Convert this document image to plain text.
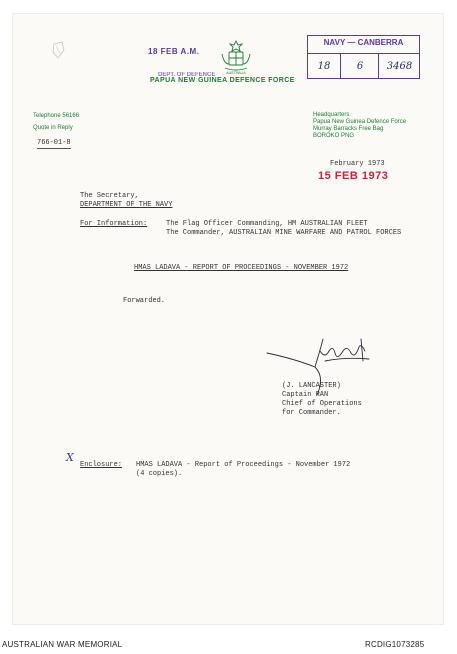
18 FEB A.M.
DEPT. OF DEFENCE	AUSTRALIA
PAPUA NEW GUINEA DEFENCE FORCE
NAVY — CANBERRA
18	6	3468
Telephone 56166
Quote in Reply
766-01-8
Headquarters
Papua New Guinea Defence Force
Murray Barracks Free Bag
BOROKO PNG
February 1973
15 FEB 1973
The Secretary,
DEPARTMENT OF THE NAVY
For Information:	The Flag Officer Commanding, HM AUSTRALIAN FLEET
The Commander, AUSTRALIAN MINE WARFARE AND PATROL FORCES
HMAS LADAVA - REPORT OF PROCEEDINGS - NOVEMBER 1972
Forwarded.
(J. LANCASTER)
Captain RAN
Chief of Operations
for Commander.
X
Enclosure: HMAS LADAVA - Report of Proceedings - November 1972
(4 copies).
AUSTRALIAN WAR MEMORIAL	RCDIG1073285
